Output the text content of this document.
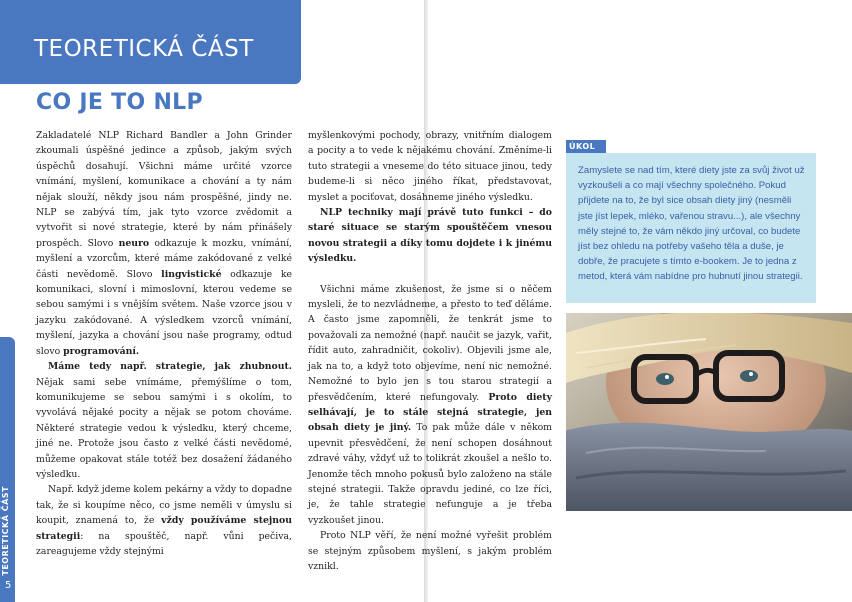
TEORETICKÁ ČÁST
CO JE TO NLP
TEORETICKÁ ČÁST
5

Zakladatelé NLP Richard Bandler a John Grinder zkoumali úspěšné jedince a způsob, jakým svých úspěchů dosahují. Všichni máme určité vzorce vnímání, myšlení, komunikace a chování a ty nám nějak slouží, někdy jsou nám prospěšné, jindy ne. NLP se zabývá tím, jak tyto vzorce zvědomit a vytvořit si nové strategie, které by nám přinášely prospěch. Slovo neuro odkazuje k mozku, vnímání, myšlení a vzorcům, které máme zakódované z velké části nevědomě. Slovo lingvistické odkazuje ke komunikaci, slovní i mimoslovní, kterou vedeme se sebou samými i s vnějším světem. Naše vzorce jsou v jazyku zakódované. A výsledkem vzorců vnímání, myšlení, jazyka a chování jsou naše programy, odtud slovo programování.

Máme tedy např. strategie, jak zhubnout. Nějak sami sebe vnímáme, přemýšlíme o tom, komunikujeme se sebou samými i s okolím, to vyvolává nějaké pocity a nějak se potom chováme. Některé strategie vedou k výsledku, který chceme, jiné ne. Protože jsou často z velké části nevědomé, můžeme opakovat stále totéž bez dosažení žádaného výsledku.

Např. když jdeme kolem pekárny a vždy to dopadne tak, že si koupíme něco, co jsme neměli v úmyslu si koupit, znamená to, že vždy používáme stejnou strategii: na spouštěč, např. vůni pečiva, zareagujeme vždy stejnými

myšlenkovými pochody, obrazy, vnitřním dialogem a pocity a to vede k nějakému chování. Změníme-li tuto strategii a vneseme do této situace jinou, tedy budeme-li si něco jiného říkat, představovat, myslet a pociťovat, dosáhneme jiného výsledku.

NLP techniky mají právě tuto funkci – do staré situace se starým spouštěčem vnesou novou strategii a díky tomu dojdete i k jinému výsledku.

Všichni máme zkušenost, že jsme si o něčem mysleli, že to nezvládneme, a přesto to teď děláme. A často jsme zapomněli, že tenkrát jsme to považovali za nemožné (např. naučit se jazyk, vařit, řídit auto, zahradničit, cokoliv). Objevili jsme ale, jak na to, a když toto objevíme, není nic nemožné. Nemožné to bylo jen s tou starou strategií a přesvědčením, které nefungovaly. Proto diety selhávají, je to stále stejná strategie, jen obsah diety je jiný. To pak může dále v někom upevnit přesvědčení, že není schopen dosáhnout zdravé váhy, vždyť už to tolikrát zkoušel a nešlo to. Jenomže těch mnoho pokusů bylo založeno na stále stejné strategii. Takže opravdu jediné, co lze říci, je, že tahle strategie nefunguje a je třeba vyzkoušet jinou.

Proto NLP věří, že není možné vyřešit problém se stejným způsobem myšlení, s jakým problém vznikl.

ÚKOL

Zamyslete se nad tím, které diety jste za svůj život už vyzkoušeli a co mají všechny společného. Pokud přijdete na to, že byl sice obsah diety jiný (nesměli jste jíst lepek, mléko, vařenou stravu...), ale všechny měly stejné to, že vám někdo jiný určoval, co budete jíst bez ohledu na potřeby vašeho těla a duše, je dobře, že pracujete s tímto e-bookem. Je to jedna z metod, která vám nabídne pro hubnutí jinou strategii.
